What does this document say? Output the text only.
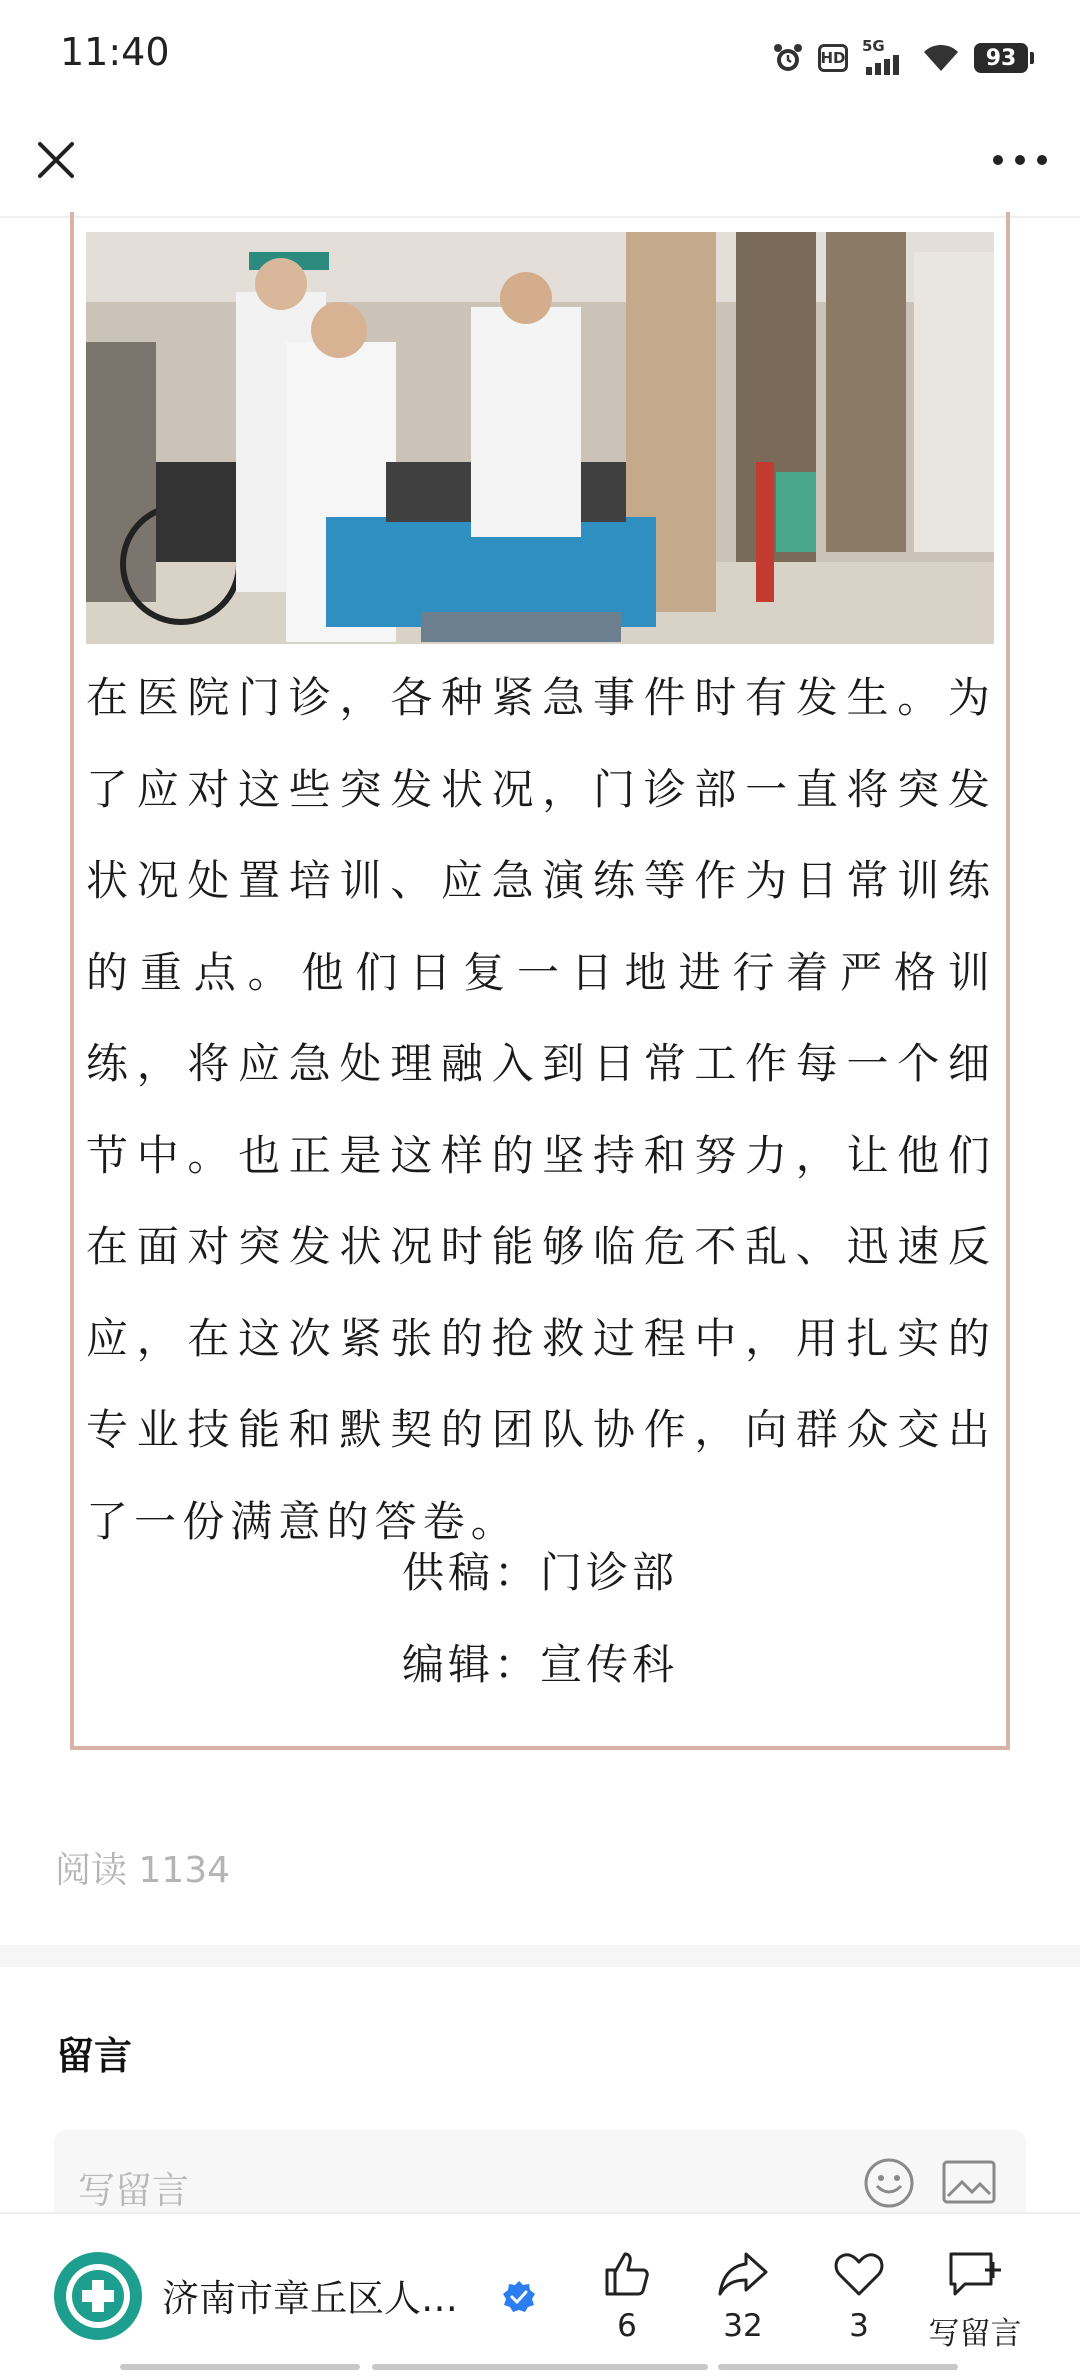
11:40	HD
5G	93

在医院门诊，各种紧急事件时有发生。为了应对这些突发状况，门诊部一直将突发状况处置培训、应急演练等作为日常训练的重点。他们日复一日地进行着严格训练，将应急处理融入到日常工作每一个细节中。也正是这样的坚持和努力，让他们在面对突发状况时能够临危不乱、迅速反应，在这次紧张的抢救过程中，用扎实的专业技能和默契的团队协作，向群众交出了一份满意的答卷。

供稿：门诊部
编辑：宣传科
阅读 1134
留言
写留言
济南市章丘区人…
6	32	3 写留言
